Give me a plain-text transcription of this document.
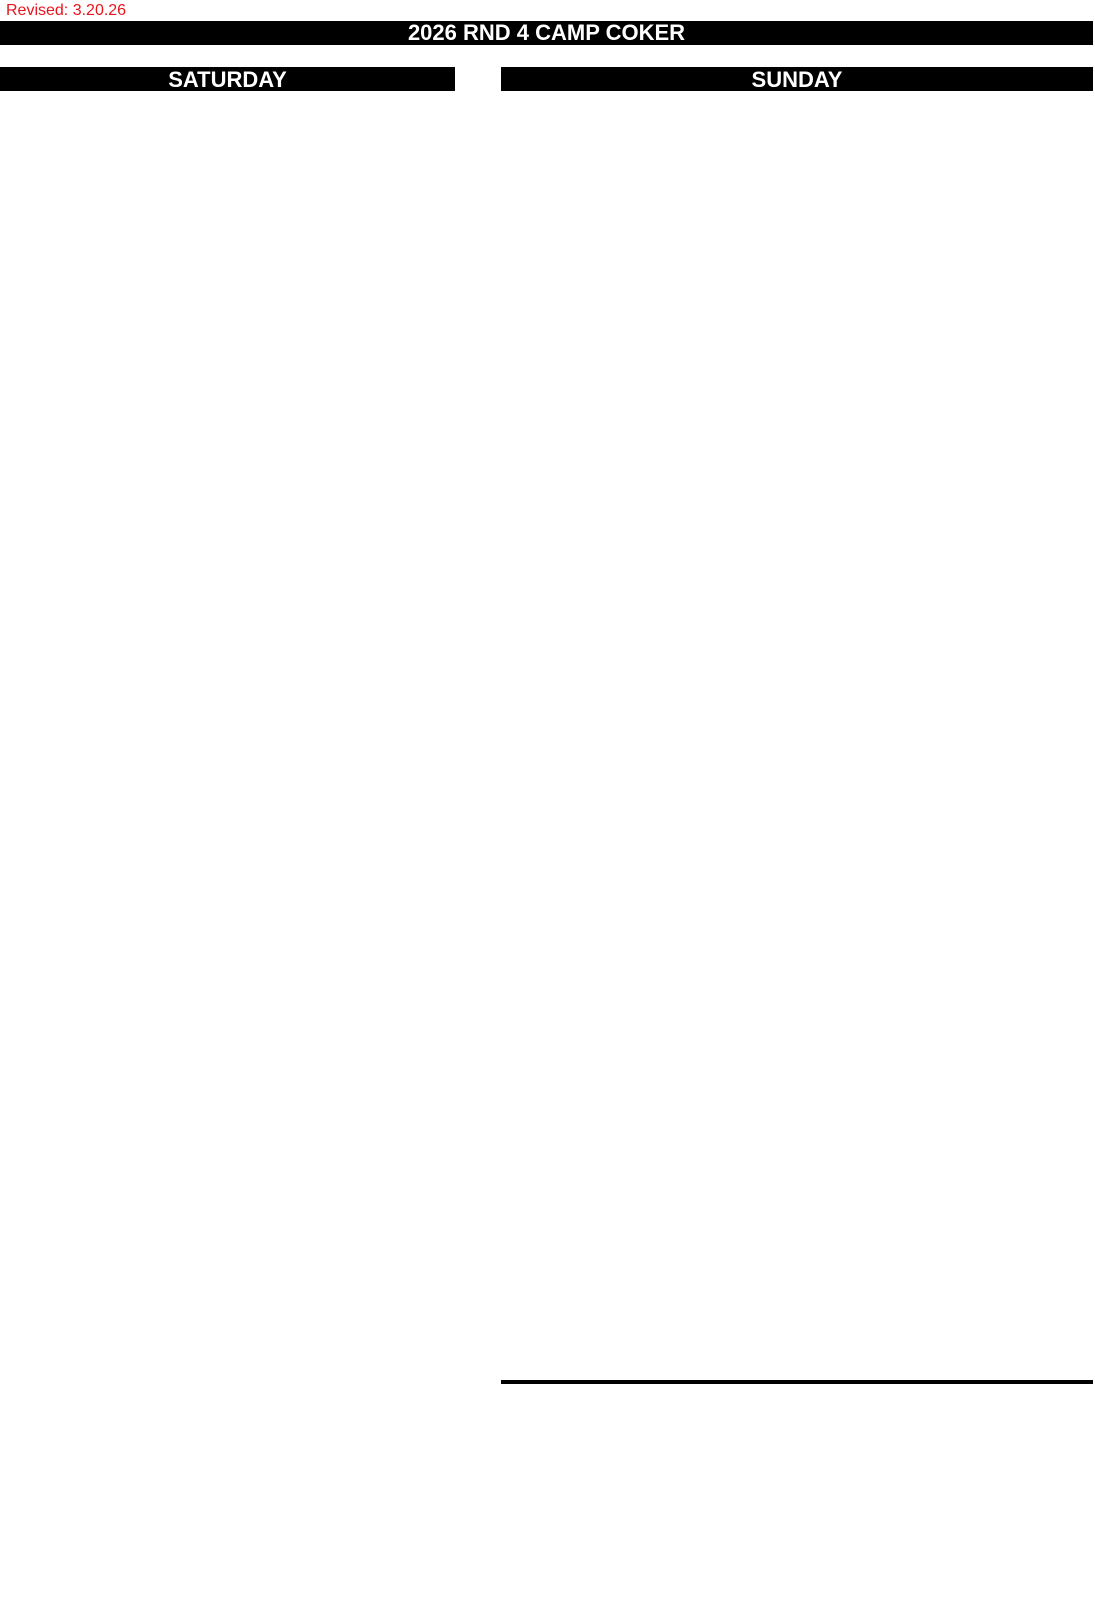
Revised: 3.20.26
2026 RND 4 CAMP COKER
SATURDAY	SUNDAY
